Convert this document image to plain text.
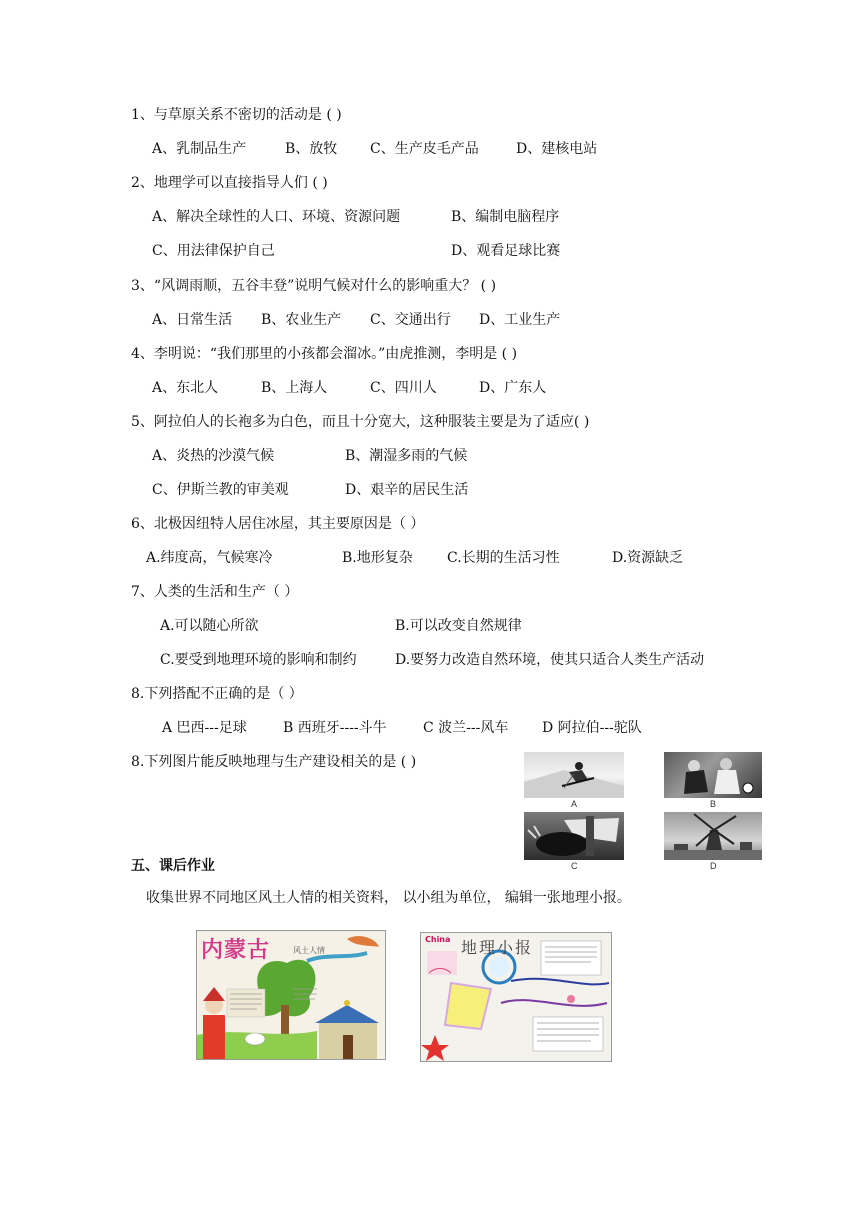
1、与草原关系不密切的活动是 ( )
A、乳制品生产	B、放牧 C、生产皮毛产品	D、建核电站
2、地理学可以直接指导人们 ( )
A、解决全球性的人口、环境、资源问题	B、编制电脑程序
C、用法律保护自己	D、观看足球比赛
3、“风调雨顺，五谷丰登”说明气候对什么的影响重大？ ( )
A、日常生活 B、农业生产 C、交通出行 D、工业生产
4、李明说：“我们那里的小孩都会溜冰。”由虎推测，李明是 ( )
A、东北人	B、上海人	C、四川人	D、广东人
5、阿拉伯人的长袍多为白色，而且十分宽大，这种服装主要是为了适应( )
A、炎热的沙漠气候	B、潮湿多雨的气候
C、伊斯兰教的审美观	D、艰辛的居民生活
6、北极因纽特人居住冰屋，其主要原因是（ ）
A.纬度高，气候寒冷	B.地形复杂 C.长期的生活习性	D.资源缺乏
7、人类的生活和生产（ ）
A.可以随心所欲	B.可以改变自然规律
C.要受到地理环境的影响和制约	D.要努力改造自然环境，使其只适合人类生产活动
8.下列搭配不正确的是（ ）
A 巴西---足球	B 西班牙----斗牛	C 波兰---风车 D 阿拉伯---驼队
8.下列图片能反映地理与生产建设相关的是 ( )
A	B
C	D
五、课后作业
收集世界不同地区风土人情的相关资料， 以小组为单位， 编辑一张地理小报。
内蒙古	风土人情
China 地理小报
